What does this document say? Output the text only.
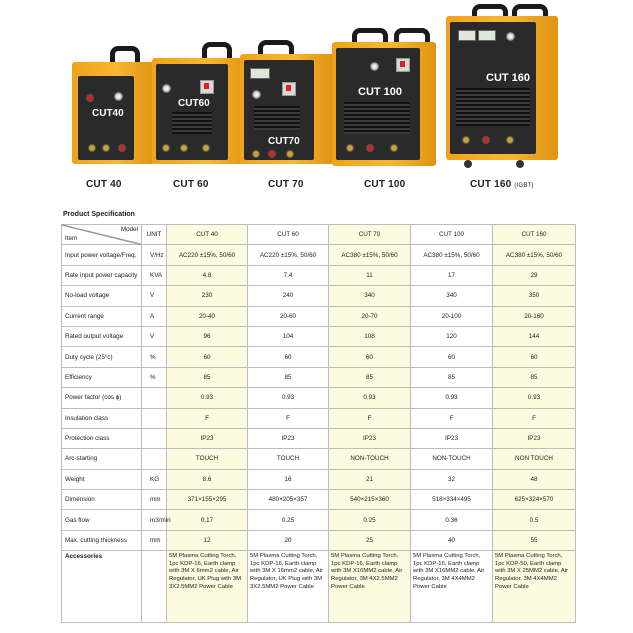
CUT40
CUT60
CUT70
CUT 100
CUT 160
CUT 40	CUT 60	CUT 70	CUT 100	CUT 160 (IGBT)
Product Specification
Item
Model	UNIT	CUT 40	CUT 60	CUT 70	CUT 100	CUT 160
Input power voltage/Freq.	V/Hz	AC220 ±15%, 50/60	AC220 ±15%, 50/60	AC380 ±15%, 50/60	AC380 ±15%, 50/60	AC380 ±15%, 50/60
Rate input power capacity	KVA	4.8	7.4	11	17	29
No-load voltage	V	230	240	340	340	350
Current range	A	20-40	20-60	20-70	20-100	20-160
Rated output voltage	V	96	104	108	120	144
Duty cycle (25°c)	%	60	60	60	60	60
Efficiency	%	85	85	85	85	85
Power factor (cos ϕ)		0.93	0.93	0.93	0.93	0.93
Insulation class		F	F	F	F	F
Protection class		IP23	IP23	IP23	IP23	IP23
Arc-starting		TOUCH	TOUCH	NON-TOUCH	NON-TOUCH	NON TOUCH
Weight	KG	8.6	16	21	32	48
Dimension	mm	371×155×295	480×205×357	540×215×360	518×334×495	625×324×570
Gas flow	m3/min	0.17	0.25	0.25	0.36	0.5
Max. cutting thickness	mm	12	20	25	40	55
Accessories		5M Plasma Cutting Torch, 1pc KDP-16, Earth clamp with 3M X 6mm2 cable, Air Regulator, UK Plug with 3M 3X2.5MM2 Power Cable	5M Plasma Cutting Torch, 1pc KDP-16, Earth clamp with 3M X 16mm2 cable, Air Regulator, UK Plug with 3M 3X2.5MM2 Power Cable	5M Plasma Cutting Torch, 1pc KDP-16, Earth clamp with 3M X16MM2 cable, Air Regulator, 3M 4X2.5MM2 Power Cable	5M Plasma Cutting Torch, 1pc KDP-16, Earth clamp with 3M X16MM2 cable, Air Regulator, 3M 4X4MM2 Power Cable	5M Plasma Cutting Torch, 1pc KDP-50, Earth clamp with 3M X 25MM2 cable, Air Regulator, 3M 4X4MM2 Power Cable
